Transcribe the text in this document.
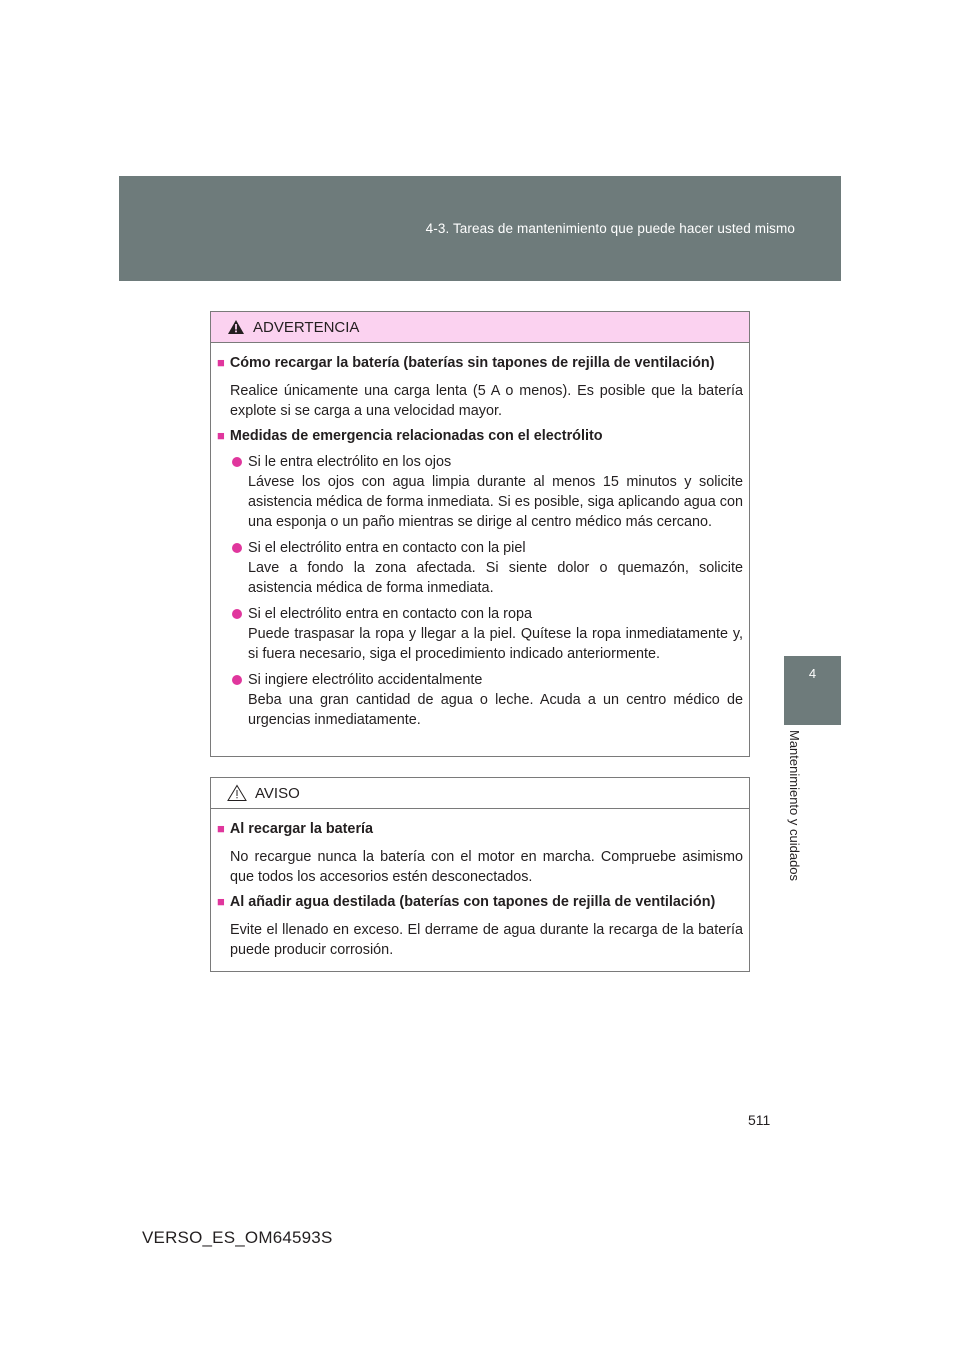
4-3. Tareas de mantenimiento que puede hacer usted mismo
4
Mantenimiento y cuidados
ADVERTENCIA
■ Cómo recargar la batería (baterías sin tapones de rejilla de ventilación)
Realice únicamente una carga lenta (5 A o menos). Es posible que la batería explote si se carga a una velocidad mayor.
■ Medidas de emergencia relacionadas con el electrólito
Si le entra electrólito en los ojos
Lávese los ojos con agua limpia durante al menos 15 minutos y solicite asistencia médica de forma inmediata. Si es posible, siga aplicando agua con una esponja o un paño mientras se dirige al centro médico más cercano.
Si el electrólito entra en contacto con la piel
Lave a fondo la zona afectada. Si siente dolor o quemazón, solicite asistencia médica de forma inmediata.
Si el electrólito entra en contacto con la ropa
Puede traspasar la ropa y llegar a la piel. Quítese la ropa inmediatamente y, si fuera necesario, siga el procedimiento indicado anteriormente.
Si ingiere electrólito accidentalmente
Beba una gran cantidad de agua o leche. Acuda a un centro médico de urgencias inmediatamente.
AVISO
■ Al recargar la batería
No recargue nunca la batería con el motor en marcha. Compruebe asimismo que todos los accesorios estén desconectados.
■ Al añadir agua destilada (baterías con tapones de rejilla de ventilación)
Evite el llenado en exceso. El derrame de agua durante la recarga de la batería puede producir corrosión.
511
VERSO_ES_OM64593S
